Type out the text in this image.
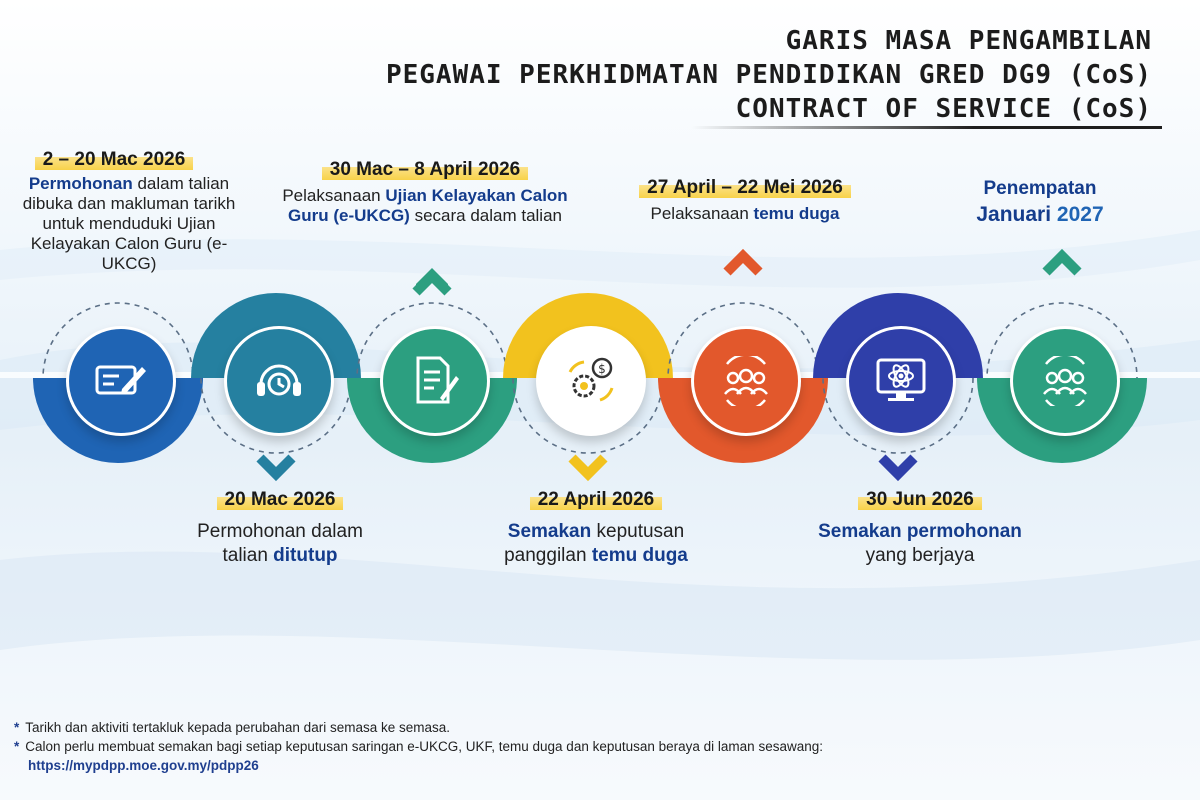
GARIS MASA PENGAMBILAN
PEGAWAI PERKHIDMATAN PENDIDIKAN GRED DG9 (CoS)
CONTRACT OF SERVICE (CoS)
$
2 – 20 Mac 2026
Permohonan dalam talian dibuka dan makluman tarikh untuk menduduki Ujian Kelayakan Calon Guru (e-UKCG)
30 Mac – 8 April 2026
Pelaksanaan Ujian Kelayakan Calon Guru (e-UKCG) secara dalam talian
27 April – 22 Mei 2026
Pelaksanaan temu duga
Penempatan
Januari 2027
20 Mac 2026
Permohonan dalam talian ditutup
22 April 2026
Semakan keputusan panggilan temu duga
30 Jun 2026
Semakan permohonan
yang berjaya
* Tarikh dan aktiviti tertakluk kepada perubahan dari semasa ke semasa.
* Calon perlu membuat semakan bagi setiap keputusan saringan e-UKCG, UKF, temu duga dan keputusan beraya di laman sesawang:
https://mypdpp.moe.gov.my/pdpp26
